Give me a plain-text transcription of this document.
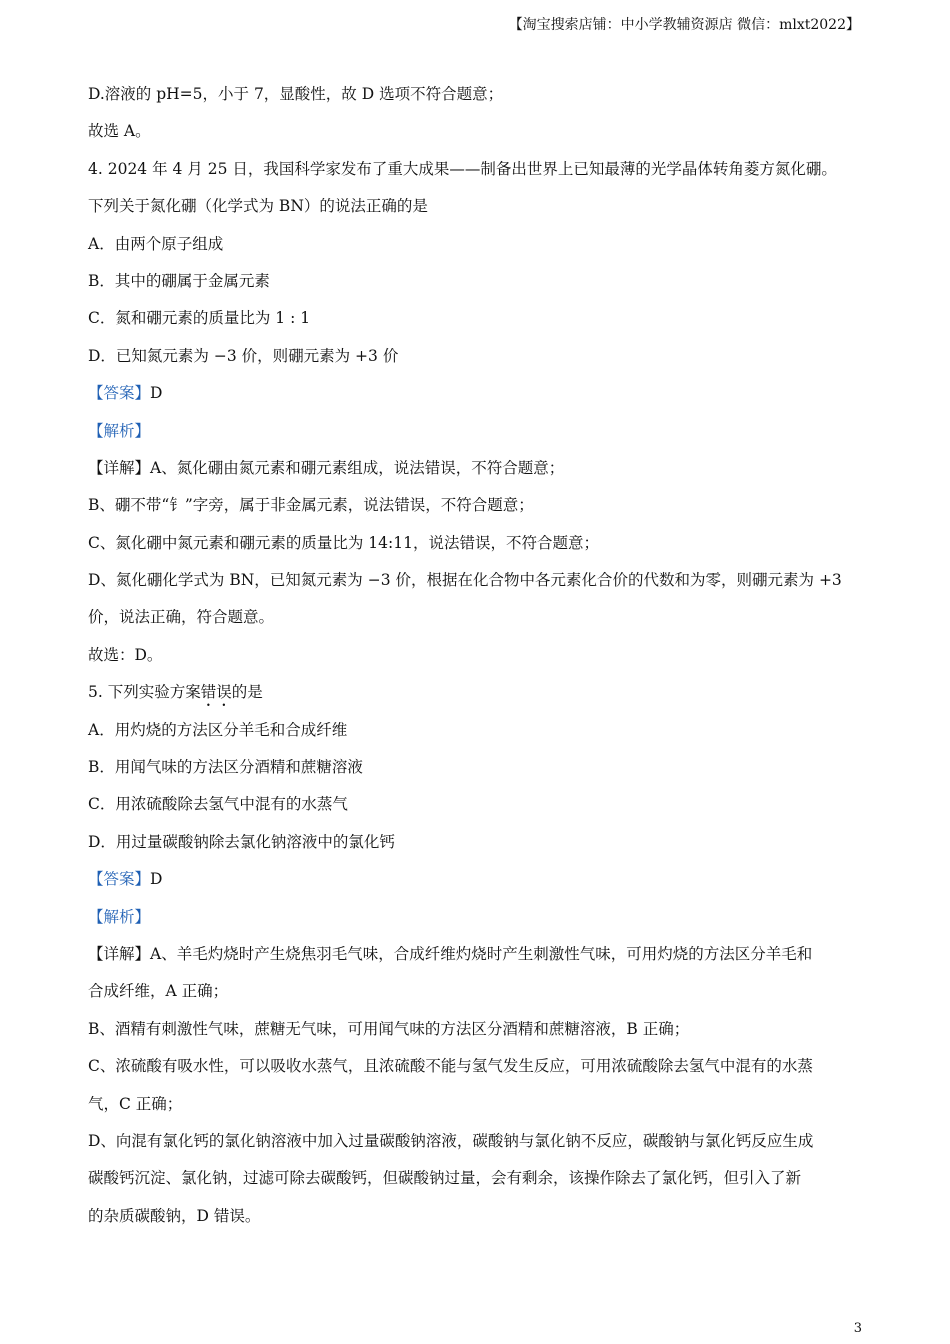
【淘宝搜索店铺：中小学教辅资源店 微信：mlxt2022】
D.溶液的 pH=5，小于 7，显酸性，故 D 选项不符合题意；
故选 A。
4. 2024 年 4 月 25 日，我国科学家发布了重大成果——制备出世界上已知最薄的光学晶体转角菱方氮化硼。
下列关于氮化硼（化学式为 BN）的说法正确的是
A．由两个原子组成
B．其中的硼属于金属元素
C．氮和硼元素的质量比为 1 : 1
D．已知氮元素为 −3 价，则硼元素为 +3 价
【答案】D
【解析】
【详解】A、氮化硼由氮元素和硼元素组成，说法错误，不符合题意；
B、硼不带“钅”字旁，属于非金属元素，说法错误，不符合题意；
C、氮化硼中氮元素和硼元素的质量比为 14:11，说法错误，不符合题意；
D、氮化硼化学式为 BN，已知氮元素为 −3 价，根据在化合物中各元素化合价的代数和为零，则硼元素为 +3
价，说法正确，符合题意。
故选：D。
5. 下列实验方案错误的是
A．用灼烧的方法区分羊毛和合成纤维
B．用闻气味的方法区分酒精和蔗糖溶液
C．用浓硫酸除去氢气中混有的水蒸气
D．用过量碳酸钠除去氯化钠溶液中的氯化钙
【答案】D
【解析】
【详解】A、羊毛灼烧时产生烧焦羽毛气味，合成纤维灼烧时产生刺激性气味，可用灼烧的方法区分羊毛和
合成纤维，A 正确；
B、酒精有刺激性气味，蔗糖无气味，可用闻气味的方法区分酒精和蔗糖溶液，B 正确；
C、浓硫酸有吸水性，可以吸收水蒸气，且浓硫酸不能与氢气发生反应，可用浓硫酸除去氢气中混有的水蒸
气，C 正确；
D、向混有氯化钙的氯化钠溶液中加入过量碳酸钠溶液，碳酸钠与氯化钠不反应，碳酸钠与氯化钙反应生成
碳酸钙沉淀、氯化钠，过滤可除去碳酸钙，但碳酸钠过量，会有剩余，该操作除去了氯化钙，但引入了新
的杂质碳酸钠，D 错误。
3
